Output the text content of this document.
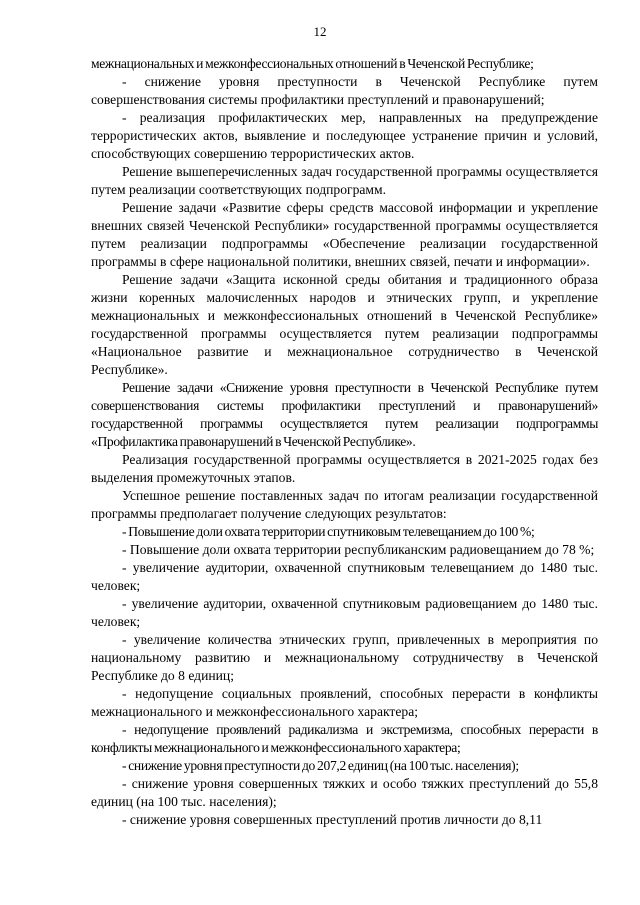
12

межнациональных и межконфессиональных отношений в Чеченской Республике;

- снижение уровня преступности в Чеченской Республике путем совершенствования системы профилактики преступлений и правонарушений;

- реализация профилактических мер, направленных на предупреждение террористических актов, выявление и последующее устранение причин и условий, способствующих совершению террористических актов.

Решение вышеперечисленных задач государственной программы осуществляется путем реализации соответствующих подпрограмм.

Решение задачи «Развитие сферы средств массовой информации и укрепление внешних связей Чеченской Республики» государственной программы осуществляется путем реализации подпрограммы «Обеспечение реализации государственной программы в сфере национальной политики, внешних связей, печати и информации».

Решение задачи «Защита исконной среды обитания и традиционного образа жизни коренных малочисленных народов и этнических групп, и укрепление межнациональных и межконфессиональных отношений в Чеченской Республике» государственной программы осуществляется путем реализации подпрограммы «Национальное развитие и межнациональное сотрудничество в Чеченской Республике».

Решение задачи «Снижение уровня преступности в Чеченской Республике путем совершенствования системы профилактики преступлений и правонарушений» государственной программы осуществляется путем реализации подпрограммы «Профилактика правонарушений в Чеченской Республике».

Реализация государственной программы осуществляется в 2021-2025 годах без выделения промежуточных этапов.

Успешное решение поставленных задач по итогам реализации государственной программы предполагает получение следующих результатов:

- Повышение доли охвата территории спутниковым телевещанием до 100 %;

- Повышение доли охвата территории республиканским радиовещанием до 78 %;

- увеличение аудитории, охваченной спутниковым телевещанием до 1480 тыс. человек;

- увеличение аудитории, охваченной спутниковым радиовещанием до 1480 тыс. человек;

- увеличение количества этнических групп, привлеченных в мероприятия по национальному развитию и межнациональному сотрудничеству в Чеченской Республике до 8 единиц;

- недопущение социальных проявлений, способных перерасти в конфликты межнационального и межконфессионального характера;

- недопущение проявлений радикализма и экстремизма, способных перерасти в конфликты межнационального и межконфессионального характера;

- снижение уровня преступности до 207,2 единиц (на 100 тыс. населения);

- снижение уровня совершенных тяжких и особо тяжких преступлений до 55,8 единиц (на 100 тыс. населения);

- снижение уровня совершенных преступлений против личности до 8,11
